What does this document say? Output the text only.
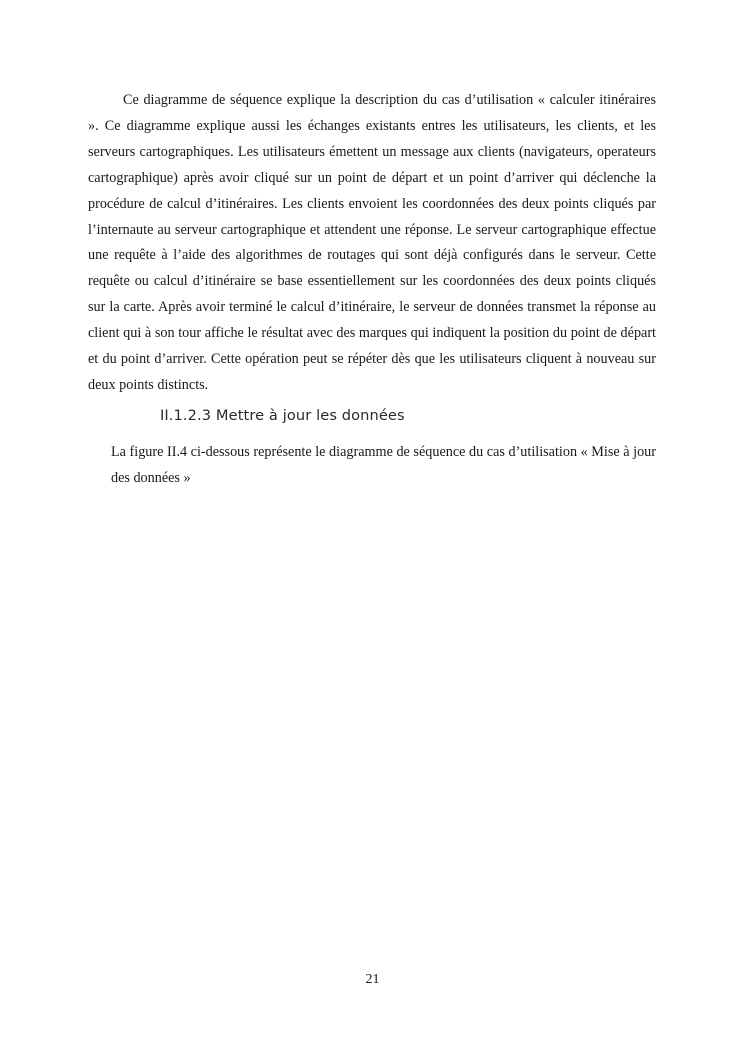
Ce diagramme de séquence explique la description du cas d’utilisation « calculer itinéraires ». Ce diagramme explique aussi les échanges existants entres les utilisateurs, les clients, et les serveurs cartographiques. Les utilisateurs émettent un message aux clients (navigateurs, operateurs cartographique) après avoir cliqué sur un point de départ et un point d’arriver qui déclenche la procédure de calcul d’itinéraires. Les clients envoient les coordonnées des deux points cliqués par l’internaute au serveur cartographique et attendent une réponse. Le serveur cartographique effectue une requête à l’aide des algorithmes de routages qui sont déjà configurés dans le serveur. Cette requête ou calcul d’itinéraire se base essentiellement sur les coordonnées des deux points cliqués sur la carte. Après avoir terminé le calcul d’itinéraire, le serveur de données transmet la réponse au client qui à son tour affiche le résultat avec des marques qui indiquent la position du point de départ et du point d’arriver. Cette opération peut se répéter dès que les utilisateurs cliquent à nouveau sur deux points distincts.

II.1.2.3 Mettre à jour les données

La figure II.4 ci-dessous représente le diagramme de séquence du cas d’utilisation « Mise à jour des données »

21
